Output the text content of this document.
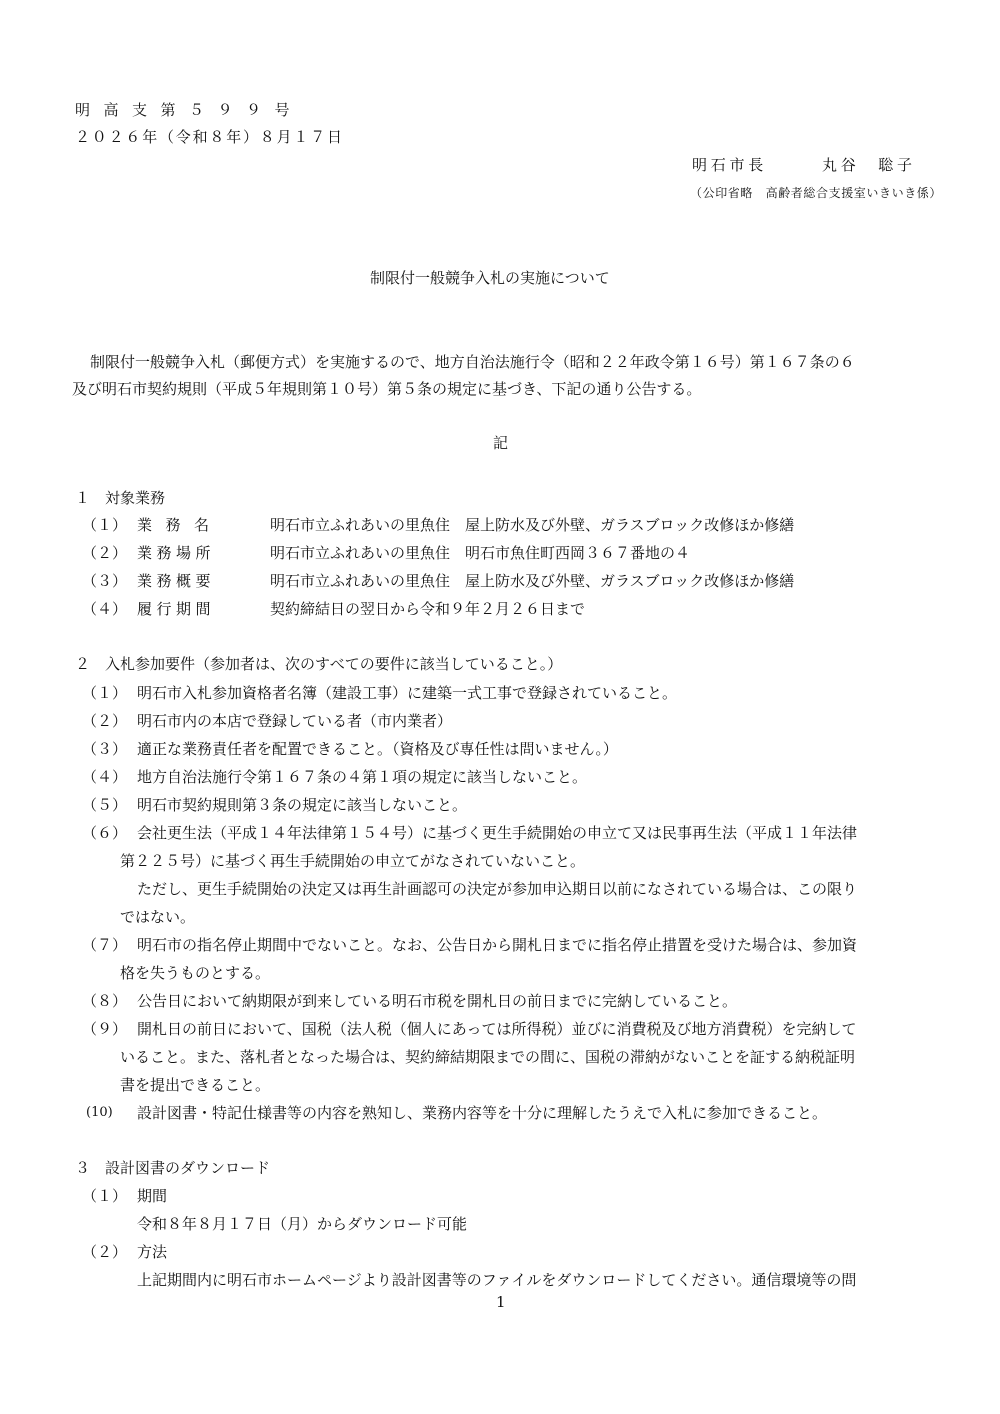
明高支第５９９号
２０２６年（令和８年）８月１７日
明石市長	丸谷　聡子
（公印省略　高齢者総合支援室いきいき係）
制限付一般競争入札の実施について
制限付一般競争入札（郵便方式）を実施するので、地方自治法施行令（昭和２２年政令第１６号）第１６７条の６
及び明石市契約規則（平成５年規則第１０号）第５条の規定に基づき、下記の通り公告する。
記
１　対象業務
（１） 業務名	明石市立ふれあいの里魚住　屋上防水及び外壁、ガラスブロック改修ほか修繕
（２） 業務場所	明石市立ふれあいの里魚住　明石市魚住町西岡３６７番地の４
（３） 業務概要	明石市立ふれあいの里魚住　屋上防水及び外壁、ガラスブロック改修ほか修繕
（４） 履行期間	契約締結日の翌日から令和９年２月２６日まで
２　入札参加要件（参加者は、次のすべての要件に該当していること。）
（１） 明石市入札参加資格者名簿（建設工事）に建築一式工事で登録されていること。
（２） 明石市内の本店で登録している者（市内業者）
（３） 適正な業務責任者を配置できること。（資格及び専任性は問いません。）
（４） 地方自治法施行令第１６７条の４第１項の規定に該当しないこと。
（５） 明石市契約規則第３条の規定に該当しないこと。
（６） 会社更生法（平成１４年法律第１５４号）に基づく更生手続開始の申立て又は民事再生法（平成１１年法律
第２２５号）に基づく再生手続開始の申立てがなされていないこと。
ただし、更生手続開始の決定又は再生計画認可の決定が参加申込期日以前になされている場合は、この限り
ではない。
（７） 明石市の指名停止期間中でないこと。なお、公告日から開札日までに指名停止措置を受けた場合は、参加資
格を失うものとする。
（８） 公告日において納期限が到来している明石市税を開札日の前日までに完納していること。
（９） 開札日の前日において、国税（法人税（個人にあっては所得税）並びに消費税及び地方消費税）を完納して
いること。また、落札者となった場合は、契約締結期限までの間に、国税の滞納がないことを証する納税証明
書を提出できること。
(10) 設計図書・特記仕様書等の内容を熟知し、業務内容等を十分に理解したうえで入札に参加できること。
３　設計図書のダウンロード
（１） 期間
令和８年８月１７日（月）からダウンロード可能
（２） 方法
上記期間内に明石市ホームページより設計図書等のファイルをダウンロードしてください。通信環境等の問
1
